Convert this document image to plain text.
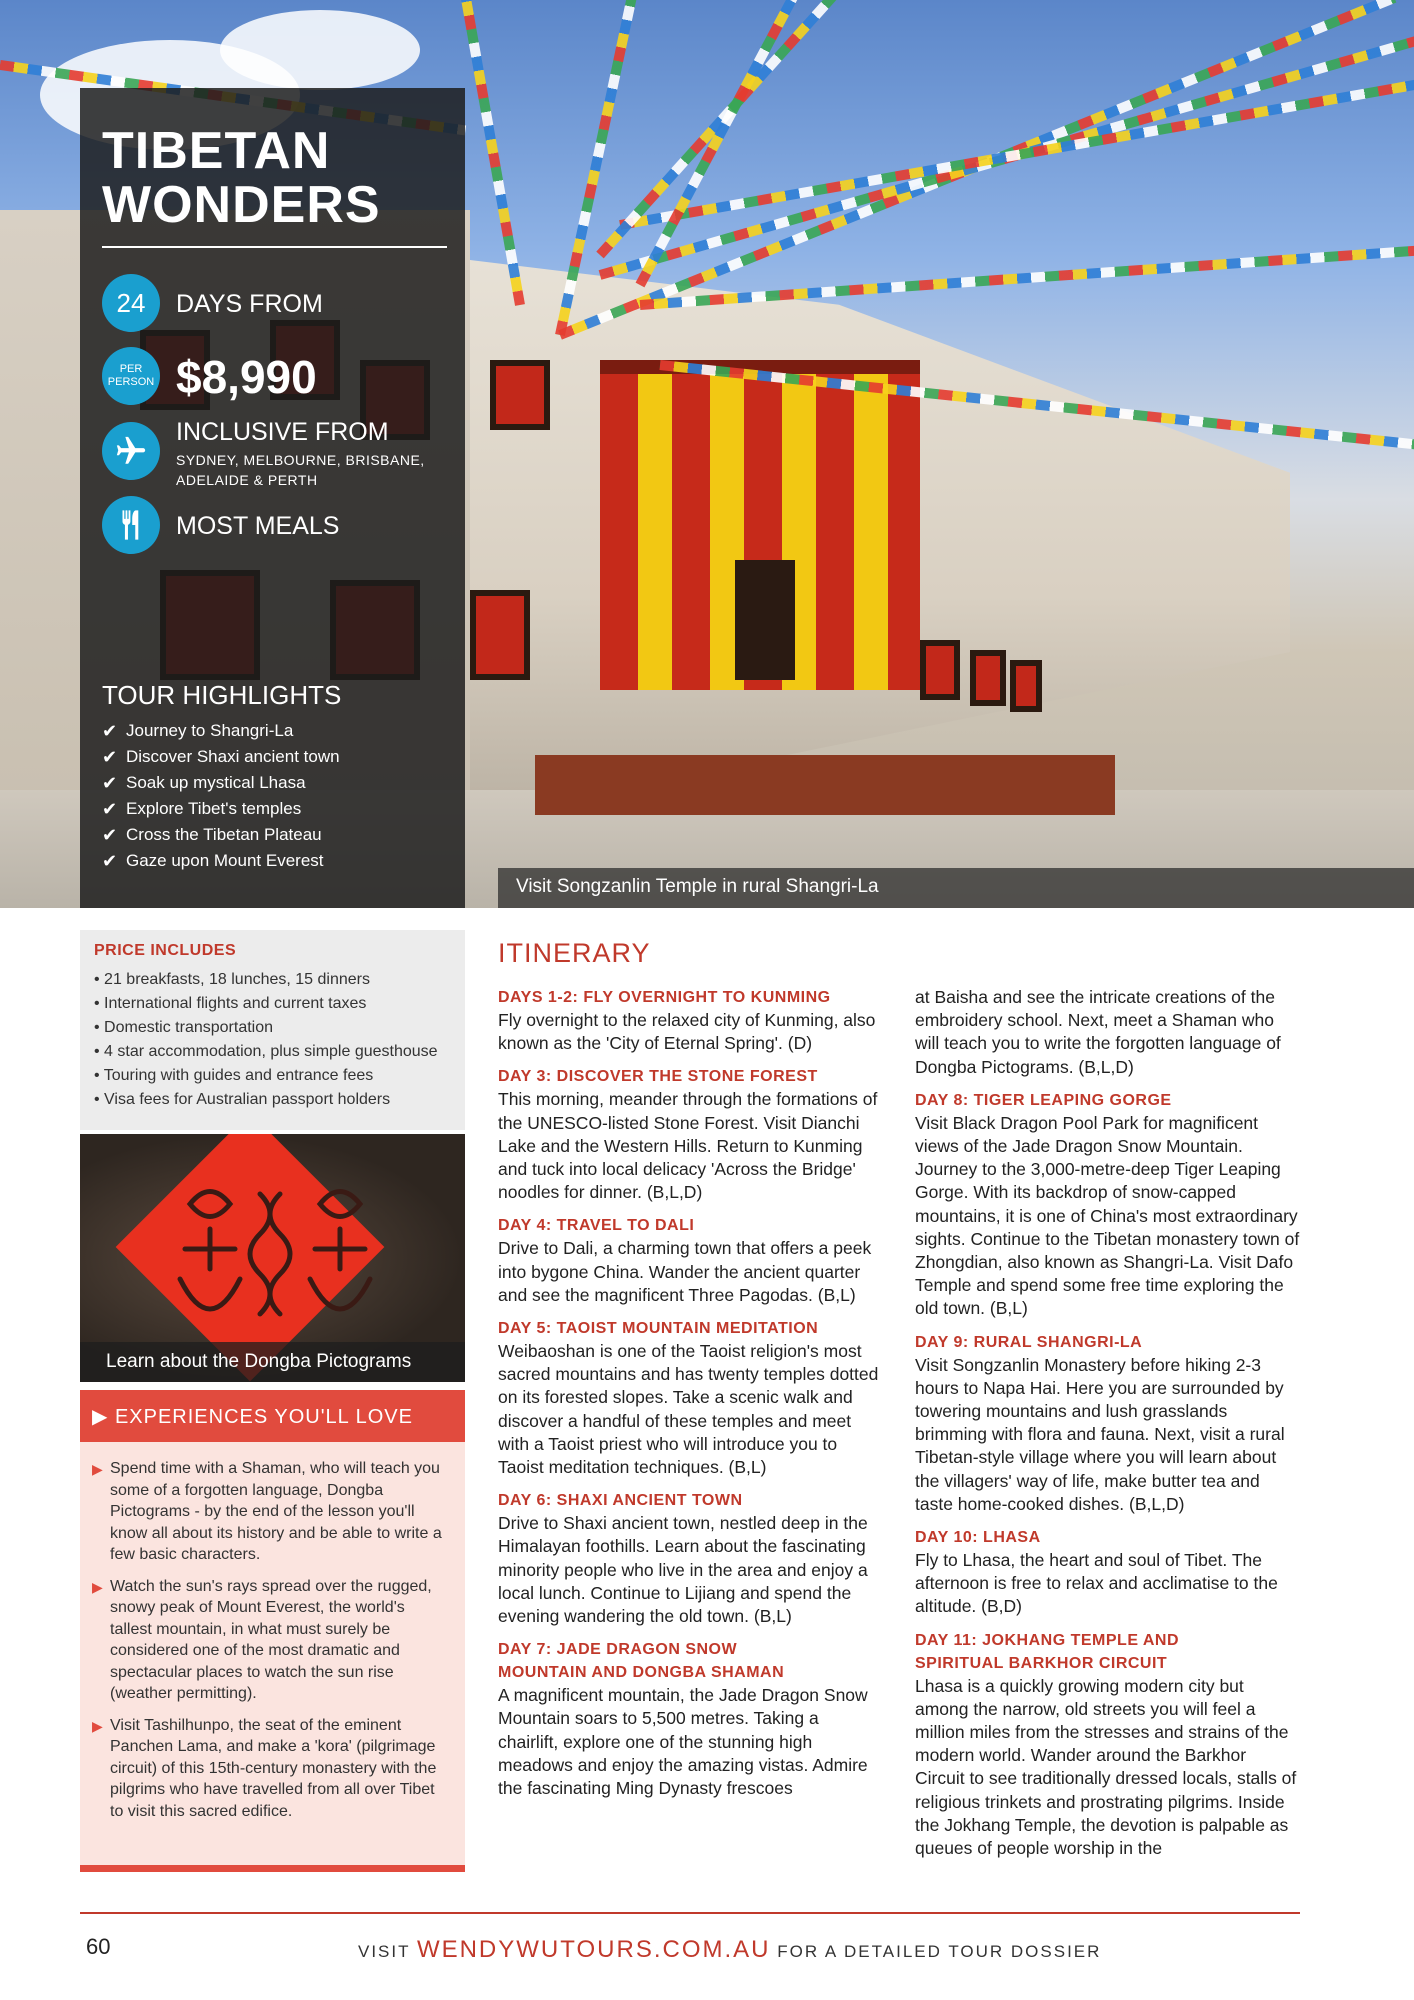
Visit Songzanlin Temple in rural Shangri-La
TIBETAN
WONDERS
24	DAYS FROM
PER
PERSON $8,990
INCLUSIVE FROM
SYDNEY, MELBOURNE, BRISBANE,
ADELAIDE & PERTH
MOST MEALS
TOUR HIGHLIGHTS
✔ Journey to Shangri-La
✔ Discover Shaxi ancient town
✔ Soak up mystical Lhasa
✔ Explore Tibet's temples
✔ Cross the Tibetan Plateau
✔ Gaze upon Mount Everest
PRICE INCLUDES
• 21 breakfasts, 18 lunches, 15 dinners
• International flights and current taxes
• Domestic transportation
• 4 star accommodation, plus simple guesthouse
• Touring with guides and entrance fees
• Visa fees for Australian passport holders
Learn about the Dongba Pictograms
▶ EXPERIENCES YOU'LL LOVE
▶ Spend time with a Shaman, who will teach you some of a forgotten language, Dongba Pictograms - by the end of the lesson you'll know all about its history and be able to write a few basic characters.
▶ Watch the sun's rays spread over the rugged, snowy peak of Mount Everest, the world's tallest mountain, in what must surely be considered one of the most dramatic and spectacular places to watch the sun rise (weather permitting).
▶ Visit Tashilhunpo, the seat of the eminent Panchen Lama, and make a 'kora' (pilgrimage circuit) of this 15th-century monastery with the pilgrims who have travelled from all over Tibet to visit this sacred edifice.
ITINERARY
DAYS 1-2: FLY OVERNIGHT TO KUNMING
Fly overnight to the relaxed city of Kunming, also known as the 'City of Eternal Spring'. (D)
DAY 3: DISCOVER THE STONE FOREST
This morning, meander through the formations of the UNESCO-listed Stone Forest. Visit Dianchi Lake and the Western Hills. Return to Kunming and tuck into local delicacy 'Across the Bridge' noodles for dinner. (B,L,D)
DAY 4: TRAVEL TO DALI
Drive to Dali, a charming town that offers a peek into bygone China. Wander the ancient quarter and see the magnificent Three Pagodas. (B,L)
DAY 5: TAOIST MOUNTAIN MEDITATION
Weibaoshan is one of the Taoist religion's most sacred mountains and has twenty temples dotted on its forested slopes. Take a scenic walk and discover a handful of these temples and meet with a Taoist priest who will introduce you to Taoist meditation techniques. (B,L)
DAY 6: SHAXI ANCIENT TOWN
Drive to Shaxi ancient town, nestled deep in the Himalayan foothills. Learn about the fascinating minority people who live in the area and enjoy a local lunch. Continue to Lijiang and spend the evening wandering the old town. (B,L)
DAY 7: JADE DRAGON SNOW MOUNTAIN AND DONGBA SHAMAN
A magnificent mountain, the Jade Dragon Snow Mountain soars to 5,500 metres. Taking a chairlift, explore one of the stunning high meadows and enjoy the amazing vistas. Admire the fascinating Ming Dynasty frescoes
at Baisha and see the intricate creations of the embroidery school. Next, meet a Shaman who will teach you to write the forgotten language of Dongba Pictograms. (B,L,D)
DAY 8: TIGER LEAPING GORGE
Visit Black Dragon Pool Park for magnificent views of the Jade Dragon Snow Mountain. Journey to the 3,000-metre-deep Tiger Leaping Gorge. With its backdrop of snow-capped mountains, it is one of China's most extraordinary sights. Continue to the Tibetan monastery town of Zhongdian, also known as Shangri-La. Visit Dafo Temple and spend some free time exploring the old town. (B,L)
DAY 9: RURAL SHANGRI-LA
Visit Songzanlin Monastery before hiking 2-3 hours to Napa Hai. Here you are surrounded by towering mountains and lush grasslands brimming with flora and fauna. Next, visit a rural Tibetan-style village where you will learn about the villagers' way of life, make butter tea and taste home-cooked dishes. (B,L,D)
DAY 10: LHASA
Fly to Lhasa, the heart and soul of Tibet. The afternoon is free to relax and acclimatise to the altitude. (B,D)
DAY 11: JOKHANG TEMPLE AND SPIRITUAL BARKHOR CIRCUIT
Lhasa is a quickly growing modern city but among the narrow, old streets you will feel a million miles from the stresses and strains of the modern world. Wander around the Barkhor Circuit to see traditionally dressed locals, stalls of religious trinkets and prostrating pilgrims. Inside the Jokhang Temple, the devotion is palpable as queues of people worship in the
60	VISIT WENDYWUTOURS.COM.AU FOR A DETAILED TOUR DOSSIER
